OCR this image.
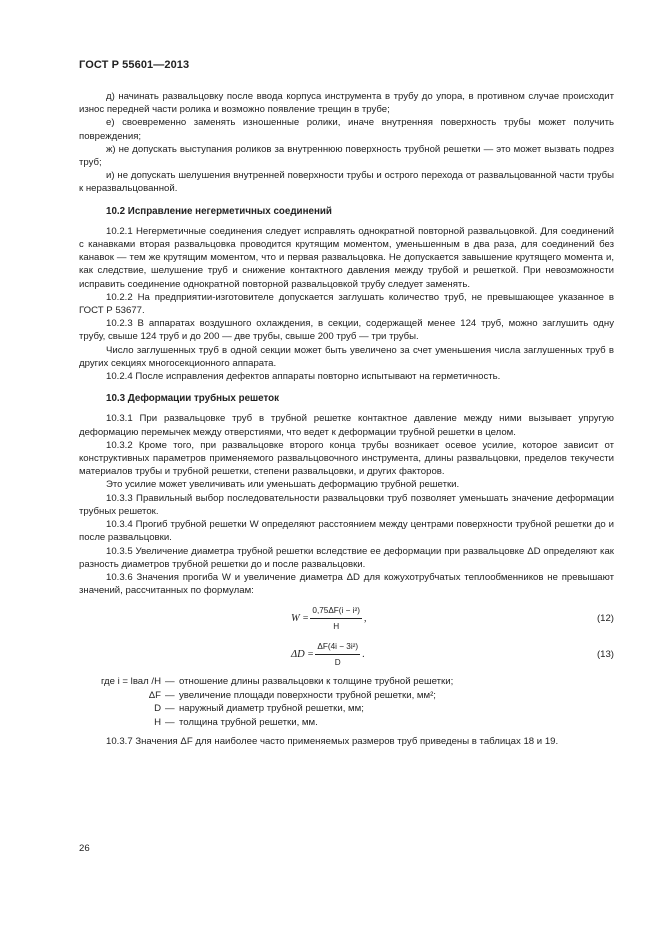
ГОСТ Р 55601—2013

д) начинать развальцовку после ввода корпуса инструмента в трубу до упора, в противном случае происходит износ передней части ролика и возможно появление трещин в трубе;

е) своевременно заменять изношенные ролики, иначе внутренняя поверхность трубы может получить повреждения;

ж) не допускать выступания роликов за внутреннюю поверхность трубной решетки — это может вызвать подрез труб;

и) не допускать шелушения внутренней поверхности трубы и острого перехода от развальцованной части трубы к неразвальцованной.

10.2 Исправление негерметичных соединений

10.2.1 Негерметичные соединения следует исправлять однократной повторной развальцовкой. Для соединений с канавками вторая развальцовка проводится крутящим моментом, уменьшенным в два раза, для соединений без канавок — тем же крутящим моментом, что и первая развальцовка. Не допускается завышение крутящего момента и, как следствие, шелушение труб и снижение контактного давления между трубой и решеткой. При невозможности исправить соединение однократной повторной развальцовкой трубу следует заменять.

10.2.2 На предприятии-изготовителе допускается заглушать количество труб, не превышающее указанное в ГОСТ Р 53677.

10.2.3 В аппаратах воздушного охлаждения, в секции, содержащей менее 124 труб, можно заглушить одну трубу, свыше 124 труб и до 200 — две трубы, свыше 200 труб — три трубы.

Число заглушенных труб в одной секции может быть увеличено за счет уменьшения числа заглушенных труб в других секциях многосекционного аппарата.

10.2.4 После исправления дефектов аппараты повторно испытывают на герметичность.

10.3 Деформации трубных решеток

10.3.1 При развальцовке труб в трубной решетке контактное давление между ними вызывает упругую деформацию перемычек между отверстиями, что ведет к деформации трубной решетки в целом.

10.3.2 Кроме того, при развальцовке второго конца трубы возникает осевое усилие, которое зависит от конструктивных параметров применяемого развальцовочного инструмента, длины развальцовки, пределов текучести материалов трубы и трубной решетки, степени развальцовки, и других факторов.

Это усилие может увеличивать или уменьшать деформацию трубной решетки.

10.3.3 Правильный выбор последовательности развальцовки труб позволяет уменьшать значение деформации трубных решеток.

10.3.4 Прогиб трубной решетки W определяют расстоянием между центрами поверхности трубной решетки до и после развальцовки.

10.3.5 Увеличение диаметра трубной решетки вследствие ее деформации при развальцовке ΔD определяют как разность диаметров трубной решетки до и после развальцовки.

10.3.6 Значения прогиба W и увеличение диаметра ΔD для кожухотрубчатых теплообменников не превышают значений, рассчитанных по формулам:

$W = \frac{\text{0,75ΔF(i − i²)}}{H}$ ,	(12)
$\Delta D = \frac{\text{ΔF(4i − 3i²)}}{D}$ .	(13)
где i = lвал /H — отношение длины развальцовки к толщине трубной решетки;
ΔF — увеличение площади поверхности трубной решетки, мм²;
D — наружный диаметр трубной решетки, мм;
H — толщина трубной решетки, мм.

10.3.7 Значения ΔF для наиболее часто применяемых размеров труб приведены в таблицах 18 и 19.

26
